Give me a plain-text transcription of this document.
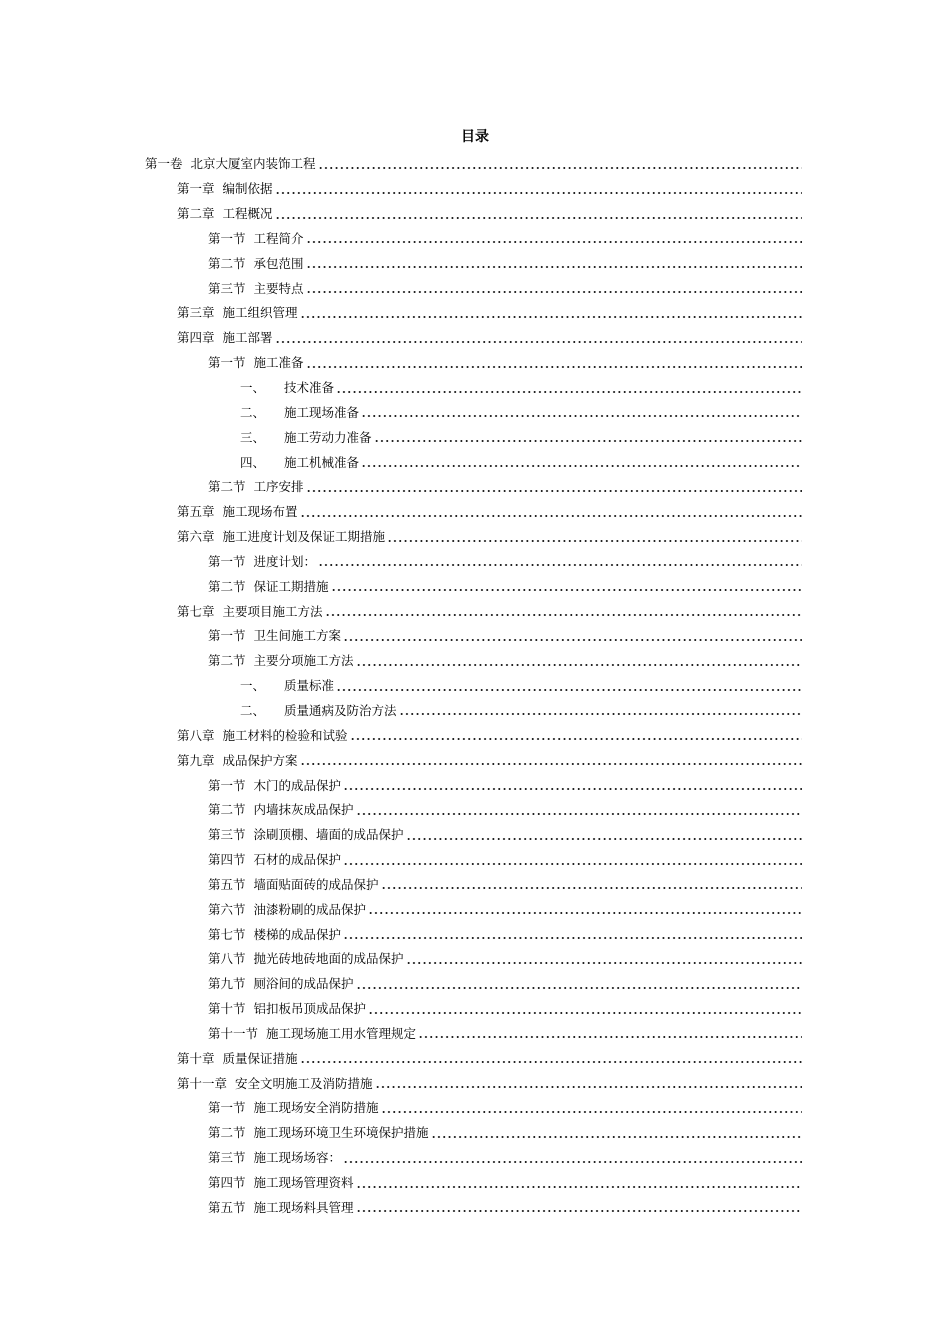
目录
第一卷 北京大厦室内装饰工程
第一章 编制依据
第二章 工程概况
第一节 工程简介
第二节 承包范围
第三节 主要特点
第三章 施工组织管理
第四章 施工部署
第一节 施工准备
一、 技术准备
二、 施工现场准备
三、 施工劳动力准备
四、 施工机械准备
第二节 工序安排
第五章 施工现场布置
第六章 施工进度计划及保证工期措施
第一节 进度计划：
第二节 保证工期措施
第七章 主要项目施工方法
第一节 卫生间施工方案
第二节 主要分项施工方法
一、 质量标准
二、 质量通病及防治方法
第八章 施工材料的检验和试验
第九章 成品保护方案
第一节 木门的成品保护
第二节 内墙抹灰成品保护
第三节 涂刷顶棚、墙面的成品保护
第四节 石材的成品保护
第五节 墙面贴面砖的成品保护
第六节 油漆粉刷的成品保护
第七节 楼梯的成品保护
第八节 抛光砖地砖地面的成品保护
第九节 厕浴间的成品保护
第十节 铝扣板吊顶成品保护
第十一节 施工现场施工用水管理规定
第十章 质量保证措施
第十一章 安全文明施工及消防措施
第一节 施工现场安全消防措施
第二节 施工现场环境卫生环境保护措施
第三节 施工现场场容：
第四节 施工现场管理资料
第五节 施工现场料具管理
